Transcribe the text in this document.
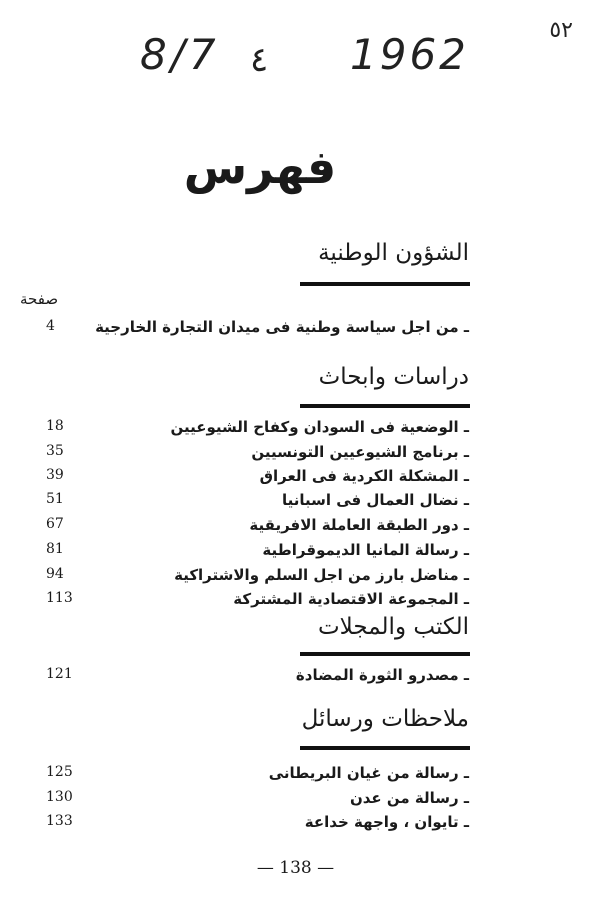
٥٢
8/7 ٤ 1962
فهرس
الشؤون الوطنية
صفحة
ـ من اجل سياسة وطنية فى ميدان التجارة الخارجية
4
دراسات وابحاث
ـ الوضعية فى السودان وكفاح الشيوعيين
18
ـ برنامج الشيوعيين التونسيين
35
ـ المشكلة الكردية فى العراق
39
ـ نضال العمال فى اسبانيا
51
ـ دور الطبقة العاملة الافريقية
67
ـ رسالة المانيا الديموقراطية
81
ـ مناضل بارز من اجل السلم والاشتراكية
94
ـ المجموعة الاقتصادية المشتركة
113
الكتب والمجلات
ـ مصدرو الثورة المضادة
121
ملاحظات ورسائل
ـ رسالة من غيان البريطانى
125
ـ رسالة من عدن
130
ـ تايوان ، واجهة خداعة
133
— 138 —
